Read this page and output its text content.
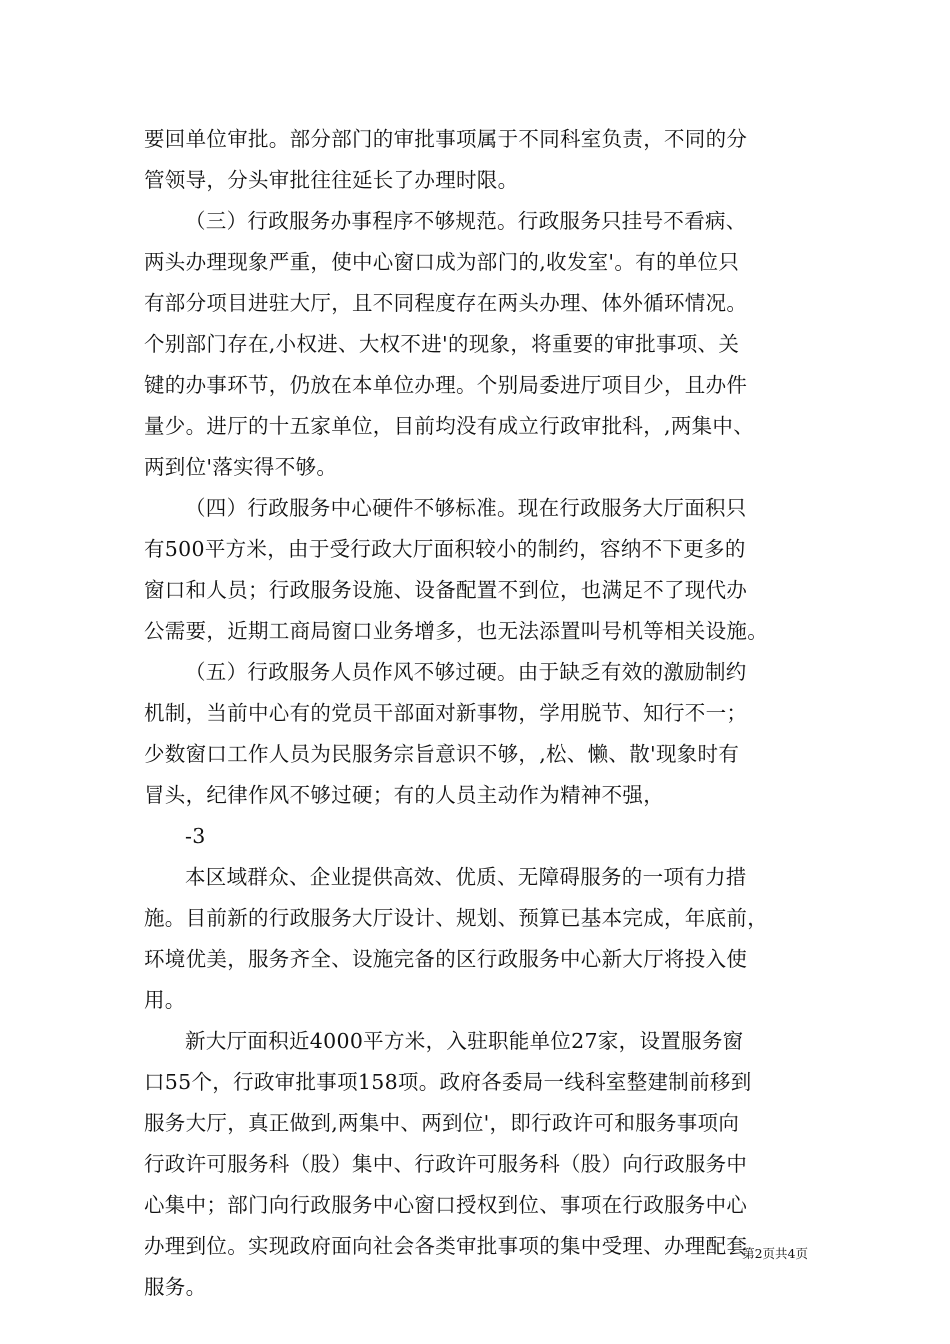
要回单位审批。部分部门的审批事项属于不同科室负责，不同的分
管领导，分头审批往往延长了办理时限。
（三）行政服务办事程序不够规范。行政服务只挂号不看病、
两头办理现象严重，使中心窗口成为部门的,收发室'。有的单位只
有部分项目进驻大厅，且不同程度存在两头办理、体外循环情况。
个别部门存在,小权进、大权不进'的现象，将重要的审批事项、关
键的办事环节，仍放在本单位办理。个别局委进厅项目少，且办件
量少。进厅的十五家单位，目前均没有成立行政审批科，,两集中、
两到位'落实得不够。
（四）行政服务中心硬件不够标准。现在行政服务大厅面积只
有500平方米，由于受行政大厅面积较小的制约，容纳不下更多的
窗口和人员；行政服务设施、设备配置不到位，也满足不了现代办
公需要，近期工商局窗口业务增多，也无法添置叫号机等相关设施。
（五）行政服务人员作风不够过硬。由于缺乏有效的激励制约
机制，当前中心有的党员干部面对新事物，学用脱节、知行不一；
少数窗口工作人员为民服务宗旨意识不够，,松、懒、散'现象时有
冒头，纪律作风不够过硬；有的人员主动作为精神不强，
-3
本区域群众、企业提供高效、优质、无障碍服务的一项有力措
施。目前新的行政服务大厅设计、规划、预算已基本完成，年底前，
环境优美，服务齐全、设施完备的区行政服务中心新大厅将投入使
用。
新大厅面积近4000平方米，入驻职能单位27家，设置服务窗
口55个，行政审批事项158项。政府各委局一线科室整建制前移到
服务大厅，真正做到,两集中、两到位'，即行政许可和服务事项向
行政许可服务科（股）集中、行政许可服务科（股）向行政服务中
心集中；部门向行政服务中心窗口授权到位、事项在行政服务中心
办理到位。实现政府面向社会各类审批事项的集中受理、办理配套
服务。
第2页共4页
